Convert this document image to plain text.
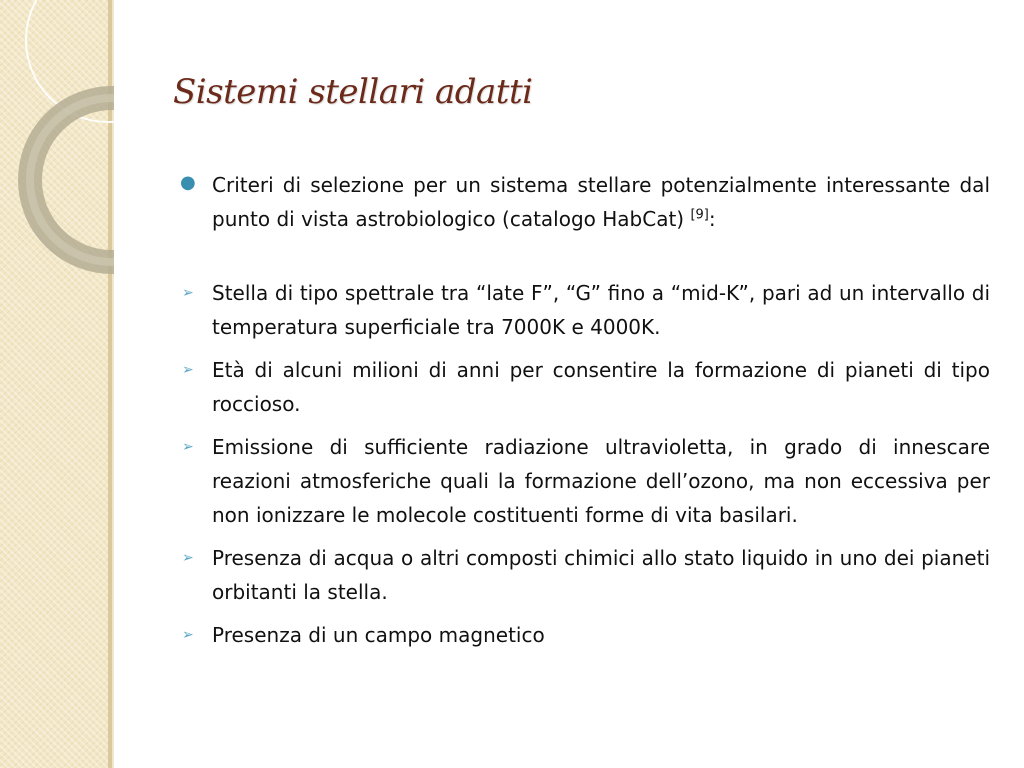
Sistemi stellari adatti

● Criteri di selezione per un sistema stellare potenzialmente interessante dal punto di vista astrobiologico (catalogo HabCat) [9]:

➢ Stella di tipo spettrale tra “late F”, “G” fino a “mid-K”, pari ad un intervallo di temperatura superficiale tra 7000K e 4000K.

➢ Età di alcuni milioni di anni per consentire la formazione di pianeti di tipo roccioso.

➢ Emissione di sufficiente radiazione ultravioletta, in grado di innescare reazioni atmosferiche quali la formazione dell’ozono, ma non eccessiva per non ionizzare le molecole costituenti forme di vita basilari.

➢ Presenza di acqua o altri composti chimici allo stato liquido in uno dei pianeti orbitanti la stella.

➢ Presenza di un campo magnetico
